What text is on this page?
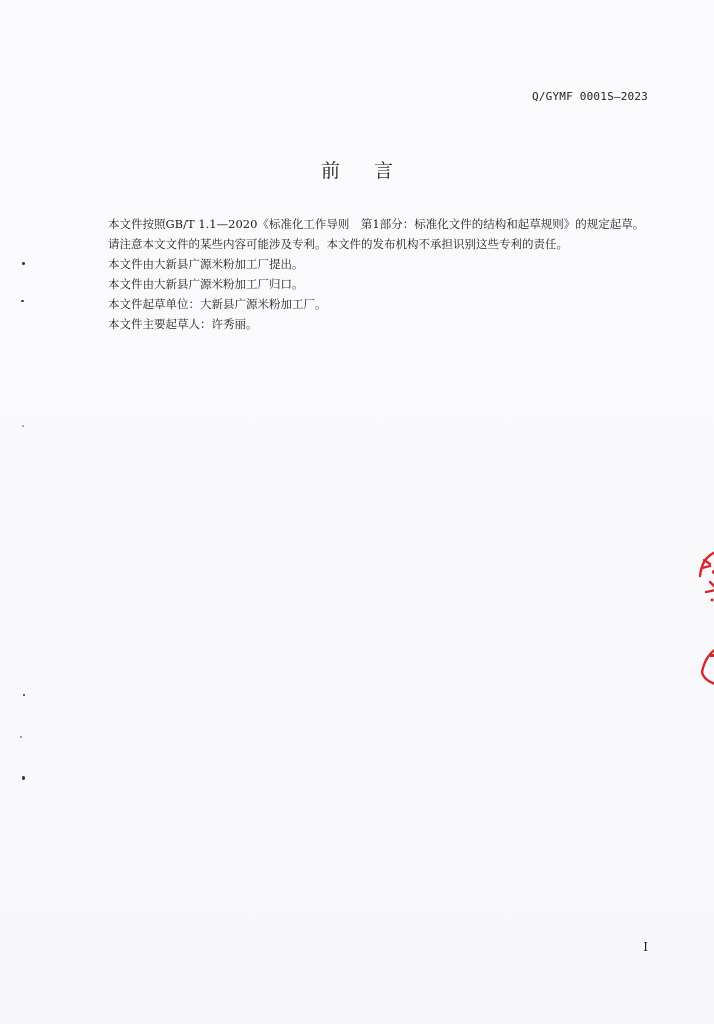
Q/GYMF 0001S—2023
前言

本文件按照GB/T 1.1—2020《标准化工作导则　第1部分：标准化文件的结构和起草规则》的规定起草。

请注意本文文件的某些内容可能涉及专利。本文件的发布机构不承担识别这些专利的责任。

本文件由大新县广源米粉加工厂提出。

本文件由大新县广源米粉加工厂归口。

本文件起草单位：大新县广源米粉加工厂。

本文件主要起草人：许秀丽。

I
